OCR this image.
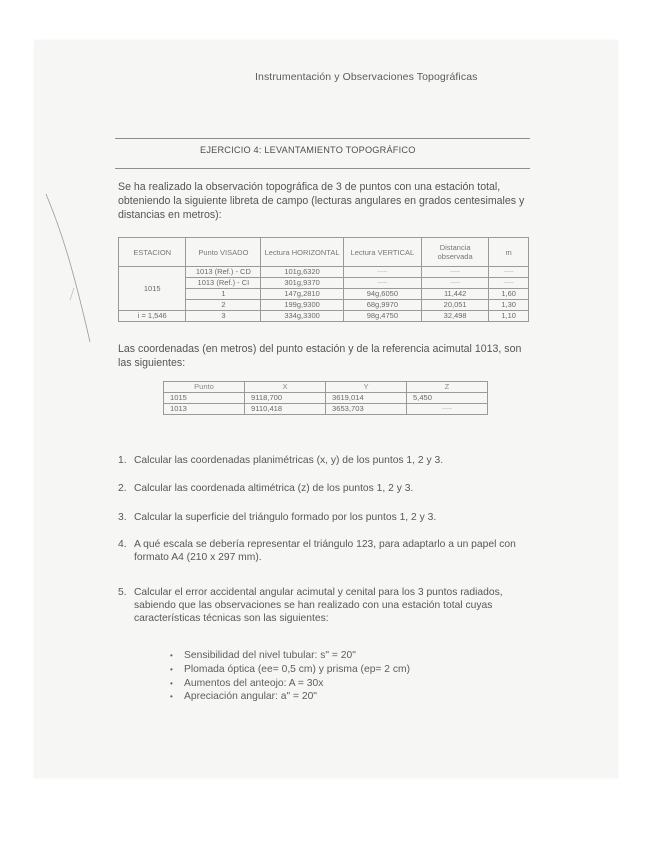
Instrumentación y Observaciones Topográficas
EJERCICIO 4: LEVANTAMIENTO TOPOGRÁFICO
Se ha realizado la observación topográfica de 3 de puntos con una estación total, obteniendo la siguiente libreta de campo (lecturas angulares en grados centesimales y distancias en metros):
ESTACION	Punto VISADO	Lectura HORIZONTAL	Lectura VERTICAL	Distancia observada	m
1015	1013 (Ref.) - CD	101g,6320	-----	-----	-----
	1013 (Ref.) - CI	301g,9370	-----	-----	-----
	1	147g,2810	94g,6050	11,442	1,60
	2	199g,9300	68g,9970	20,051	1,30
i = 1,546	3	334g,3300	98g,4750	32,498	1,10
Las coordenadas (en metros) del punto estación y de la referencia acimutal 1013, son las siguientes:
Punto	X	Y	Z
1015	9118,700	3619,014	5,450
1013	9110,418	3653,703	-----
1. Calcular las coordenadas planimétricas (x, y) de los puntos 1, 2 y 3.
2. Calcular las coordenada altimétrica (z) de los puntos 1, 2 y 3.
3. Calcular la superficie del triángulo formado por los puntos 1, 2 y 3.
4. A qué escala se debería representar el triángulo 123, para adaptarlo a un papel con formato A4 (210 x 297 mm).
5. Calcular el error accidental angular acimutal y cenital para los 3 puntos radiados, sabiendo que las observaciones se han realizado con una estación total cuyas características técnicas son las siguientes:
• Sensibilidad del nivel tubular: s" = 20"
• Plomada óptica (ee= 0,5 cm) y prisma (ep= 2 cm)
• Aumentos del anteojo: A = 30x
• Apreciación angular: a" = 20"
